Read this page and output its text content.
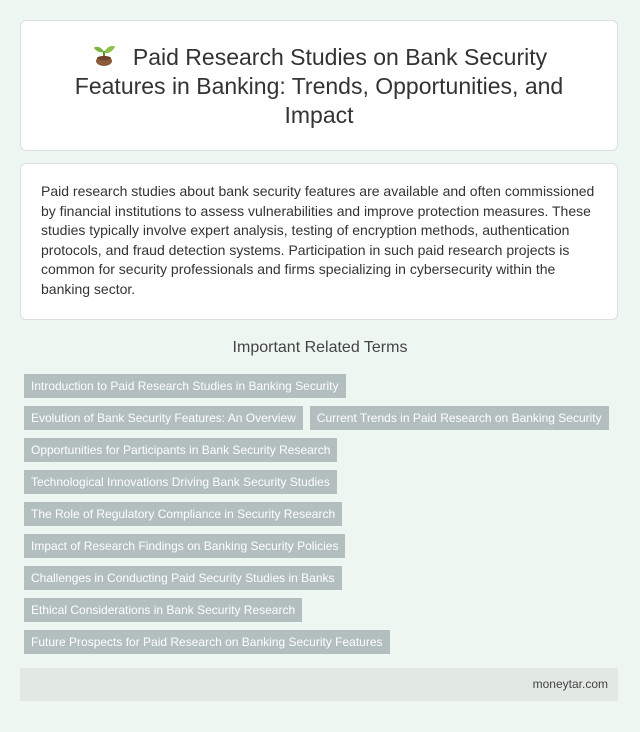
Paid Research Studies on Bank Security Features in Banking: Trends, Opportunities, and Impact

Paid research studies about bank security features are available and often commissioned by financial institutions to assess vulnerabilities and improve protection measures. These studies typically involve expert analysis, testing of encryption methods, authentication protocols, and fraud detection systems. Participation in such paid research projects is common for security professionals and firms specializing in cybersecurity within the banking sector.

Important Related Terms
Introduction to Paid Research Studies in Banking Security
Evolution of Bank Security Features: An Overview	Current Trends in Paid Research on Banking Security
Opportunities for Participants in Bank Security Research
Technological Innovations Driving Bank Security Studies
The Role of Regulatory Compliance in Security Research
Impact of Research Findings on Banking Security Policies
Challenges in Conducting Paid Security Studies in Banks
Ethical Considerations in Bank Security Research
Future Prospects for Paid Research on Banking Security Features
moneytar.com
